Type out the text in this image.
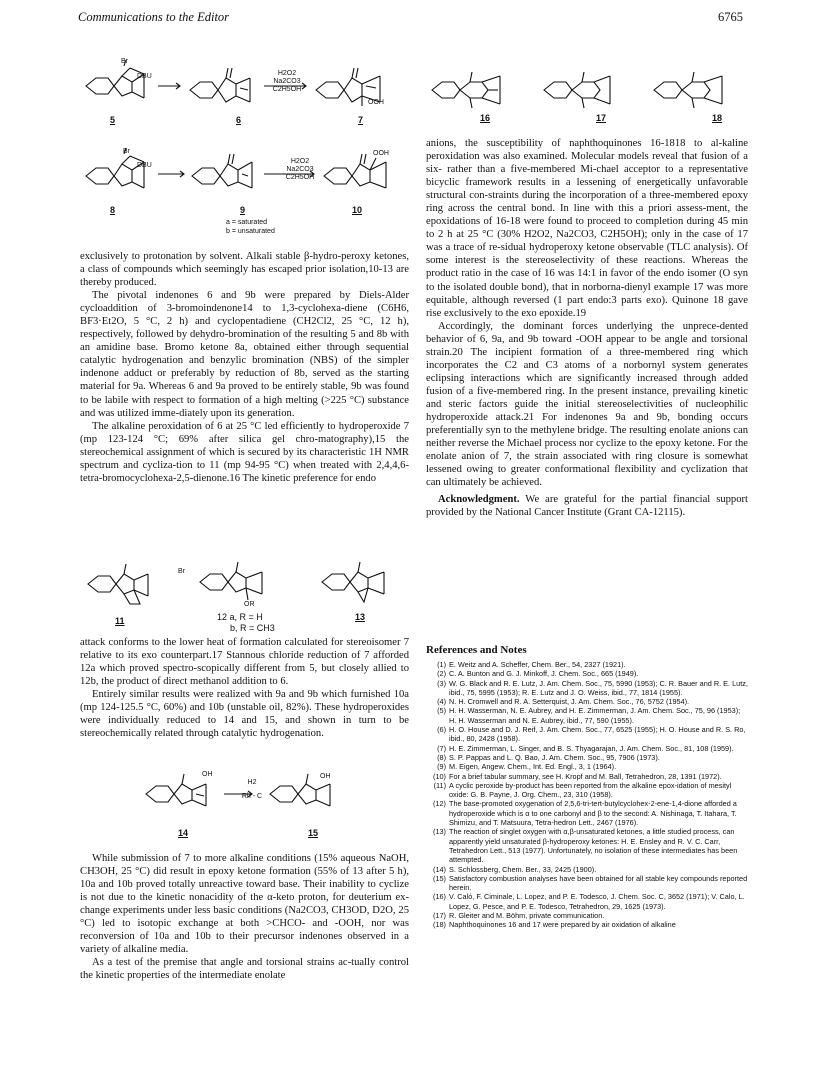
Communications to the Editor	6765
DBU
Br
H2O2
Na2CO3
C2H5OH
OOH
5	6	7
DBU
Br
H2O2
Na2CO3
C2H5OH
OOH
8	9	10
a = saturated
b = unsaturated
16	17	18

exclusively to protonation by solvent. Alkali stable β-hydro-peroxy ketones, a class of compounds which seemingly has escaped prior isolation,10-13 are thereby produced.

The pivotal indenones 6 and 9b were prepared by Diels-Alder cycloaddition of 3-bromoindenone14 to 1,3-cyclohexa-diene (C6H6, BF3·Et2O, 5 °C, 2 h) and cyclopentadiene (CH2Cl2, 25 °C, 12 h), respectively, followed by dehydro-bromination of the resulting 5 and 8b with an amidine base. Bromo ketone 8a, obtained either through sequential catalytic hydrogenation and benzylic bromination (NBS) of the simpler indenone adduct or preferably by reduction of 8b, served as the starting material for 9a. Whereas 6 and 9a proved to be entirely stable, 9b was found to be labile with respect to formation of a high melting (>225 °C) substance and was utilized imme-diately upon its generation.

The alkaline peroxidation of 6 at 25 °C led efficiently to hydroperoxide 7 (mp 123-124 °C; 69% after silica gel chro-matography),15 the stereochemical assignment of which is secured by its characteristic 1H NMR spectrum and cycliza-tion to 11 (mp 94-95 °C) when treated with 2,4,4,6-tetra-bromocyclohexa-2,5-dienone.16 The kinetic preference for endo

Br
OR
11	12 a, R = H
b, R = CH3
13

attack conforms to the lower heat of formation calculated for stereoisomer 7 relative to its exo counterpart.17 Stannous chloride reduction of 7 afforded 12a which proved spectro-scopically different from 5, but closely allied to 12b, the product of direct methanol addition to 6.

Entirely similar results were realized with 9a and 9b which furnished 10a (mp 124-125.5 °C, 60%) and 10b (unstable oil, 82%). These hydroperoxides were individually reduced to 14 and 15, and shown in turn to be stereochemically related through catalytic hydrogenation.

OH	OH
H2
Rh - C
14	15

While submission of 7 to more alkaline conditions (15% aqueous NaOH, CH3OH, 25 °C) did result in epoxy ketone formation (55% of 13 after 5 h), 10a and 10b proved totally unreactive toward base. Their inability to cyclize is not due to the kinetic nonacidity of the α-keto proton, for deuterium ex-change experiments under less basic conditions (Na2CO3, CH3OD, D2O, 25 °C) led to isotopic exchange at both >CHCO- and -OOH, nor was reconversion of 10a and 10b to their precursor indenones observed in a variety of alkaline media.

As a test of the premise that angle and torsional strains ac-tually control the kinetic properties of the intermediate enolate

anions, the susceptibility of naphthoquinones 16-1818 to al-kaline peroxidation was also examined. Molecular models reveal that fusion of a six- rather than a five-membered Mi-chael acceptor to a representative bicyclic framework results in a lessening of energetically unfavorable structural con-straints during the incorporation of a three-membered epoxy ring across the central bond. In line with this a priori assess-ment, the epoxidations of 16-18 were found to proceed to completion during 45 min to 2 h at 25 °C (30% H2O2, Na2CO3, C2H5OH); only in the case of 17 was a trace of re-sidual hydroperoxy ketone observable (TLC analysis). Of some interest is the stereoselectivity of these reactions. Whereas the product ratio in the case of 16 was 14:1 in favor of the endo isomer (O syn to the isolated double bond), that in norborna-dienyl example 17 was more equitable, although reversed (1 part endo:3 parts exo). Quinone 18 gave rise exclusively to the exo epoxide.19

Accordingly, the dominant forces underlying the unprece-dented behavior of 6, 9a, and 9b toward -OOH appear to be angle and torsional strain.20 The incipient formation of a three-membered ring which incorporates the C2 and C3 atoms of a norbornyl system generates eclipsing interactions which are significantly increased through added fusion of a five-membered ring. In the present instance, prevailing kinetic and steric factors guide the initial stereoselectivities of nucleophilic hydroperoxide attack.21 For indenones 9a and 9b, bonding occurs preferentially syn to the methylene bridge. The resulting enolate anions can neither reverse the Michael process nor cyclize to the epoxy ketone. For the enolate anion of 7, the strain associated with ring closure is somewhat lessened owing to greater conformational flexibility and cyclization that can ultimately be achieved.

Acknowledgment. We are grateful for the partial financial support provided by the National Cancer Institute (Grant CA-12115).

References and Notes
(1) E. Weitz and A. Scheffer, Chem. Ber., 54, 2327 (1921).
(2) C. A. Bunton and G. J. Minkoff, J. Chem. Soc., 665 (1949).
(3) W. G. Black and R. E. Lutz, J. Am. Chem. Soc., 75, 5990 (1953); C. R. Bauer and R. E. Lutz, ibid., 75, 5995 (1953); R. E. Lutz and J. O. Weiss, ibid., 77, 1814 (1955).
(4) N. H. Cromwell and R. A. Setterquist, J. Am. Chem. Soc., 76, 5752 (1954).
(5) H. H. Wasserman, N. E. Aubrey, and H. E. Zimmerman, J. Am. Chem. Soc., 75, 96 (1953); H. H. Wasserman and N. E. Aubrey, ibid., 77, 590 (1955).
(6) H. O. House and D. J. Reif, J. Am. Chem. Soc., 77, 6525 (1955); H. O. House and R. S. Ro, ibid., 80, 2428 (1958).
(7) H. E. Zimmerman, L. Singer, and B. S. Thyagarajan, J. Am. Chem. Soc., 81, 108 (1959).
(8) S. P. Pappas and L. Q. Bao, J. Am. Chem. Soc., 95, 7906 (1973).
(9) M. Eigen, Angew. Chem., Int. Ed. Engl., 3, 1 (1964).
(10) For a brief tabular summary, see H. Kropf and M. Ball, Tetrahedron, 28, 1391 (1972).
(11) A cyclic peroxide by-product has been reported from the alkaline epox-idation of mesityl oxide: G. B. Payne, J. Org. Chem., 23, 310 (1958).
(12) The base-promoted oxygenation of 2,5,6-tri-tert-butylcyclohex-2-ene-1,4-dione afforded a hydroperoxide which is α to one carbonyl and β to the second: A. Nishinaga, T. Itahara, T. Shimizu, and T. Matsuura, Tetra-hedron Lett., 2467 (1976).
(13) The reaction of singlet oxygen with α,β-unsaturated ketones, a little studied process, can apparently yield unsaturated β-hydroperoxy ketones: H. E. Ensley and R. V. C. Carr, Tetrahedron Lett., 513 (1977). Unfortunately, no isolation of these intermediates has been attempted.
(14) S. Schlossberg, Chem. Ber., 33, 2425 (1900).
(15) Satisfactory combustion analyses have been obtained for all stable key compounds reported herein.
(16) V. Caló, F. Ciminale, L. Lopez, and P. E. Todesco, J. Chem. Soc. C, 3652 (1971); V. Calo, L. Lopez, G. Pesce, and P. E. Todesco, Tetrahedron, 29, 1625 (1973).
(17) R. Gleiter and M. Böhm, private communication.
(18) Naphthoquinones 16 and 17 were prepared by air oxidation of alkaline
